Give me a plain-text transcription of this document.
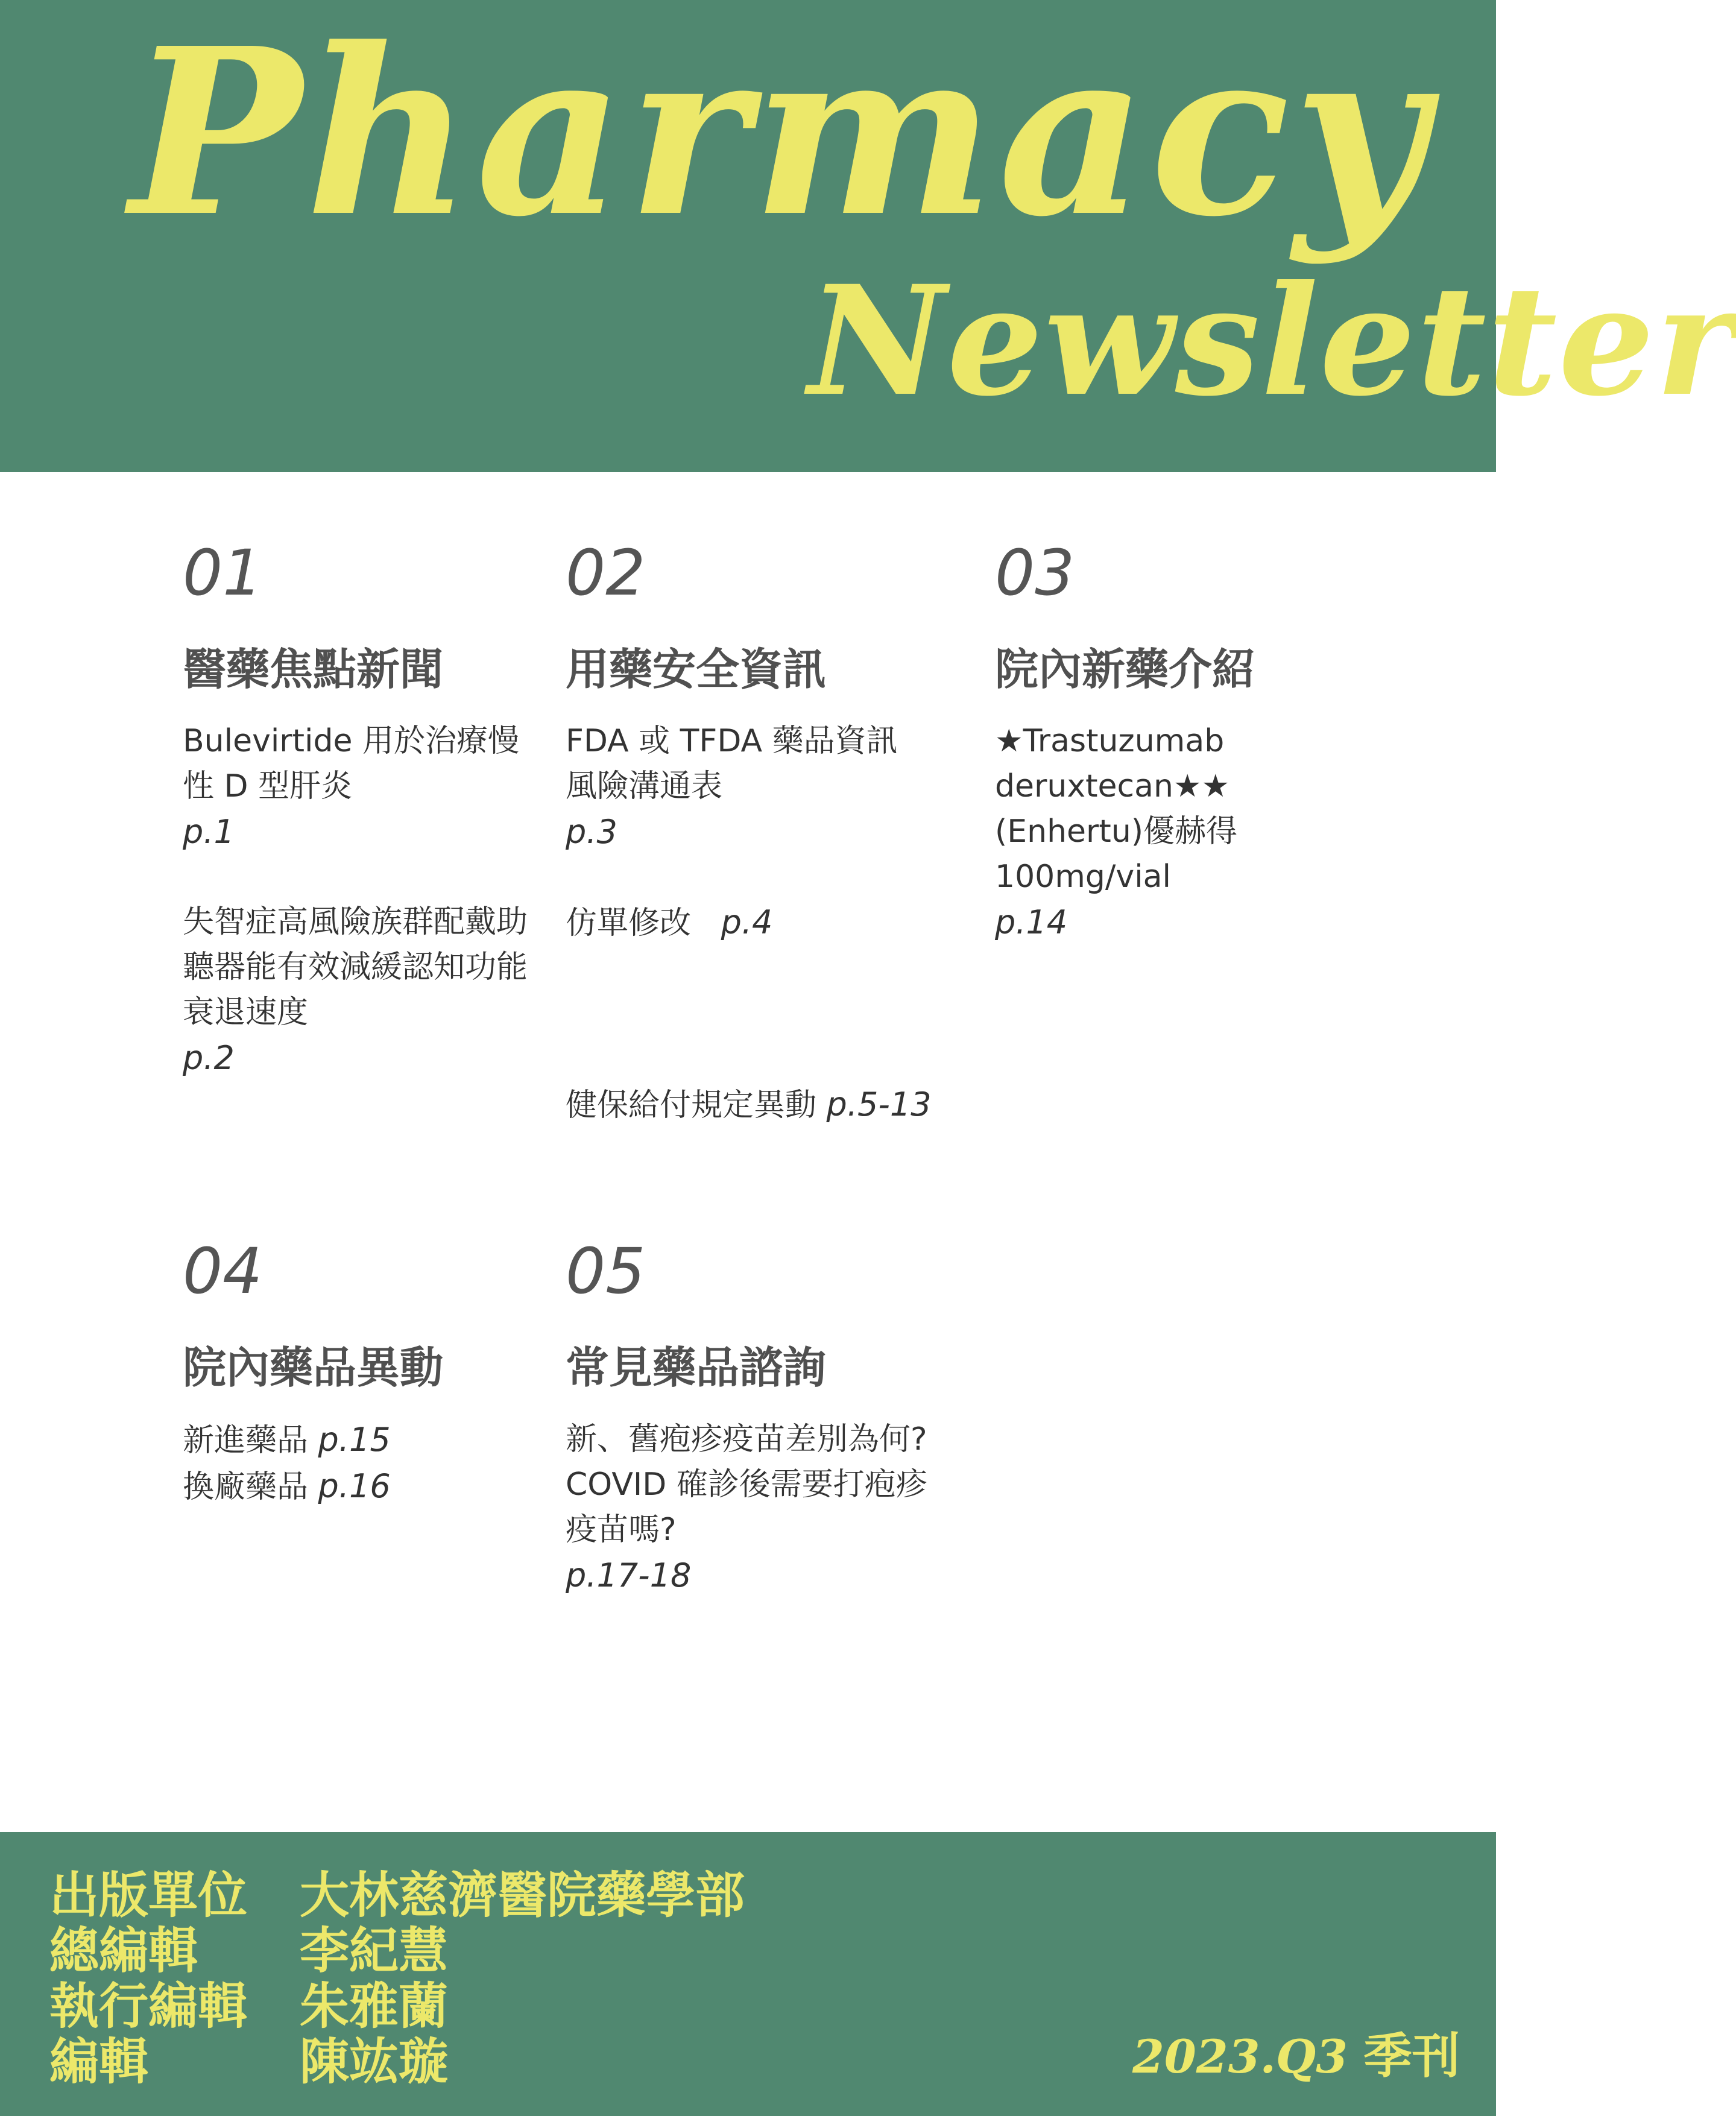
Pharmacy
Newsletter
01
醫藥焦點新聞
Bulevirtide 用於治療慢性 D 型肝炎
p.1
失智症高風險族群配戴助聽器能有效減緩認知功能衰退速度
p.2
02
用藥安全資訊
FDA 或 TFDA 藥品資訊風險溝通表
p.3
仿單修改 p.4
健保給付規定異動 p.5-13
03
院內新藥介紹
★Trastuzumab deruxtecan★★ (Enhertu)優赫得 100mg/vial
p.14
04
院內藥品異動
新進藥品 p.15
換廠藥品 p.16
05
常見藥品諮詢
新、舊疱疹疫苗差別為何? COVID 確診後需要打疱疹疫苗嗎?
p.17-18
出版單位 大林慈濟醫院藥學部
總編輯 李紀慧
執行編輯 朱雅蘭
編輯	陳竑璇	2023.Q3 季刊
